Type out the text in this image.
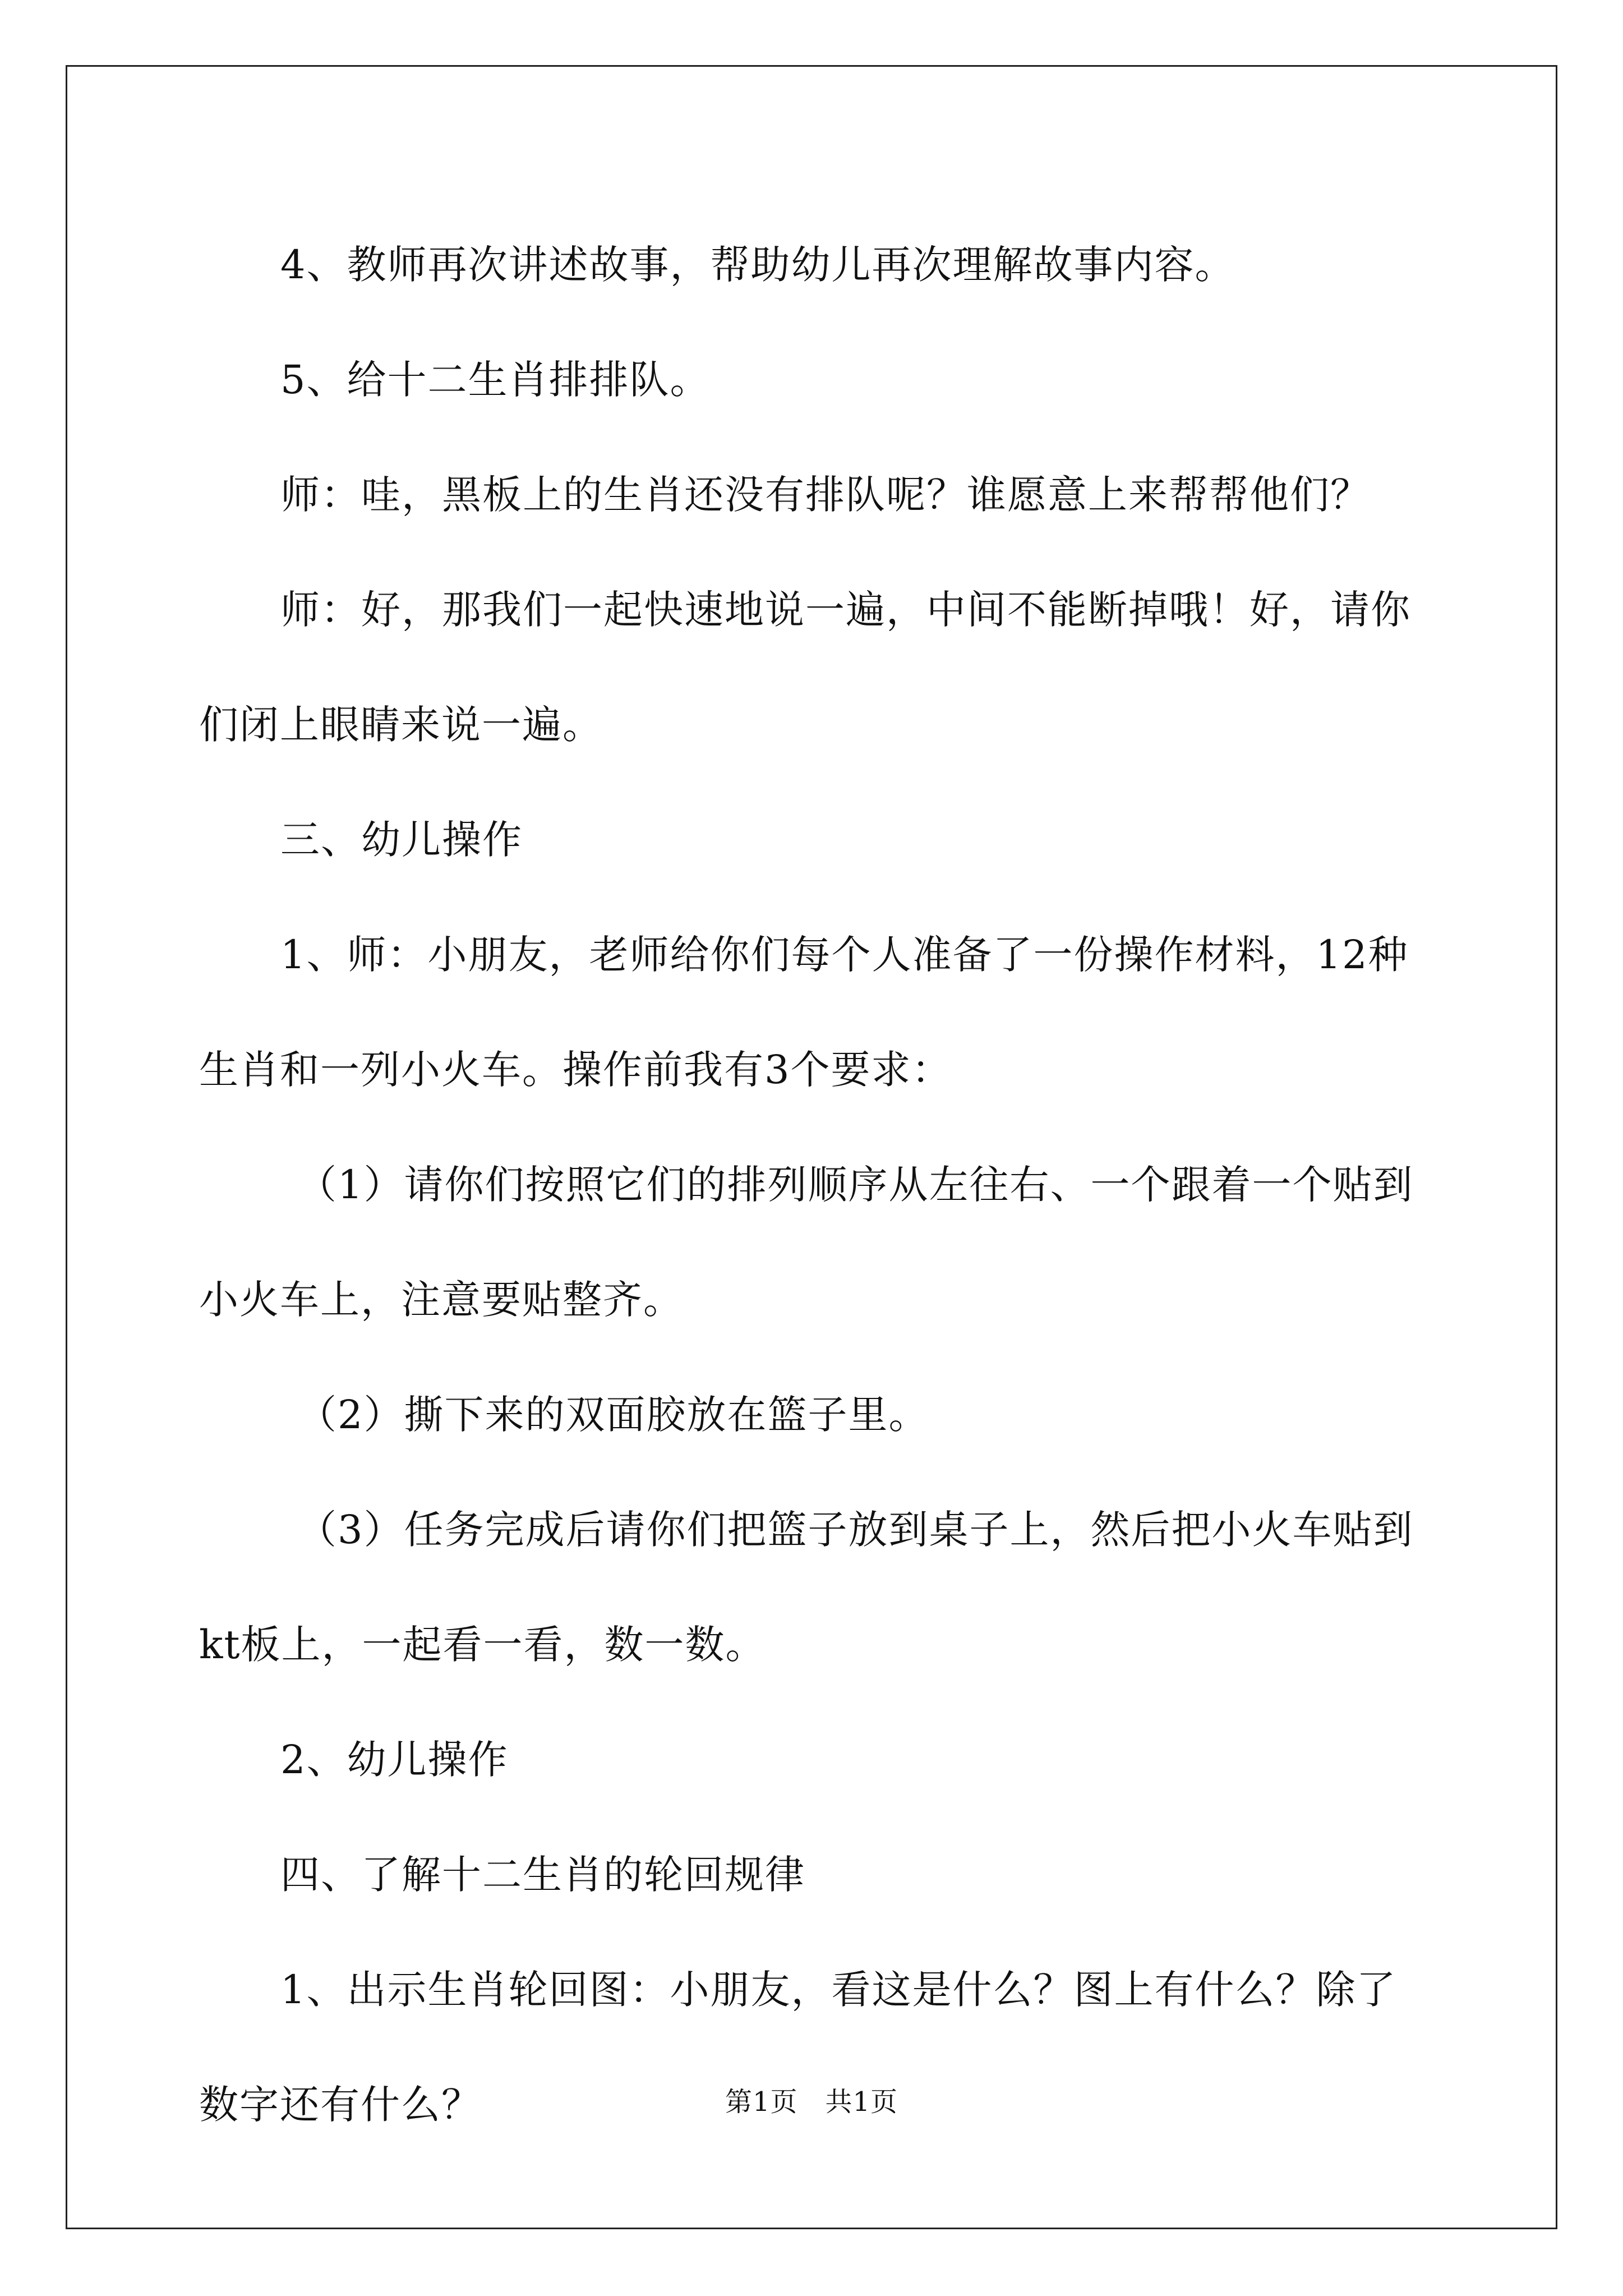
4、教师再次讲述故事，帮助幼儿再次理解故事内容。

5、给十二生肖排排队。

师：哇，黑板上的生肖还没有排队呢？谁愿意上来帮帮他们？

师：好，那我们一起快速地说一遍，中间不能断掉哦！好，请你们闭上眼睛来说一遍。

三、幼儿操作

1、师：小朋友，老师给你们每个人准备了一份操作材料，12种生肖和一列小火车。操作前我有3个要求：

（1）请你们按照它们的排列顺序从左往右、一个跟着一个贴到小火车上，注意要贴整齐。

（2）撕下来的双面胶放在篮子里。

（3）任务完成后请你们把篮子放到桌子上，然后把小火车贴到kt板上，一起看一看，数一数。

2、幼儿操作

四、了解十二生肖的轮回规律

1、出示生肖轮回图：小朋友，看这是什么？图上有什么？除了数字还有什么？	第1页　共1页
